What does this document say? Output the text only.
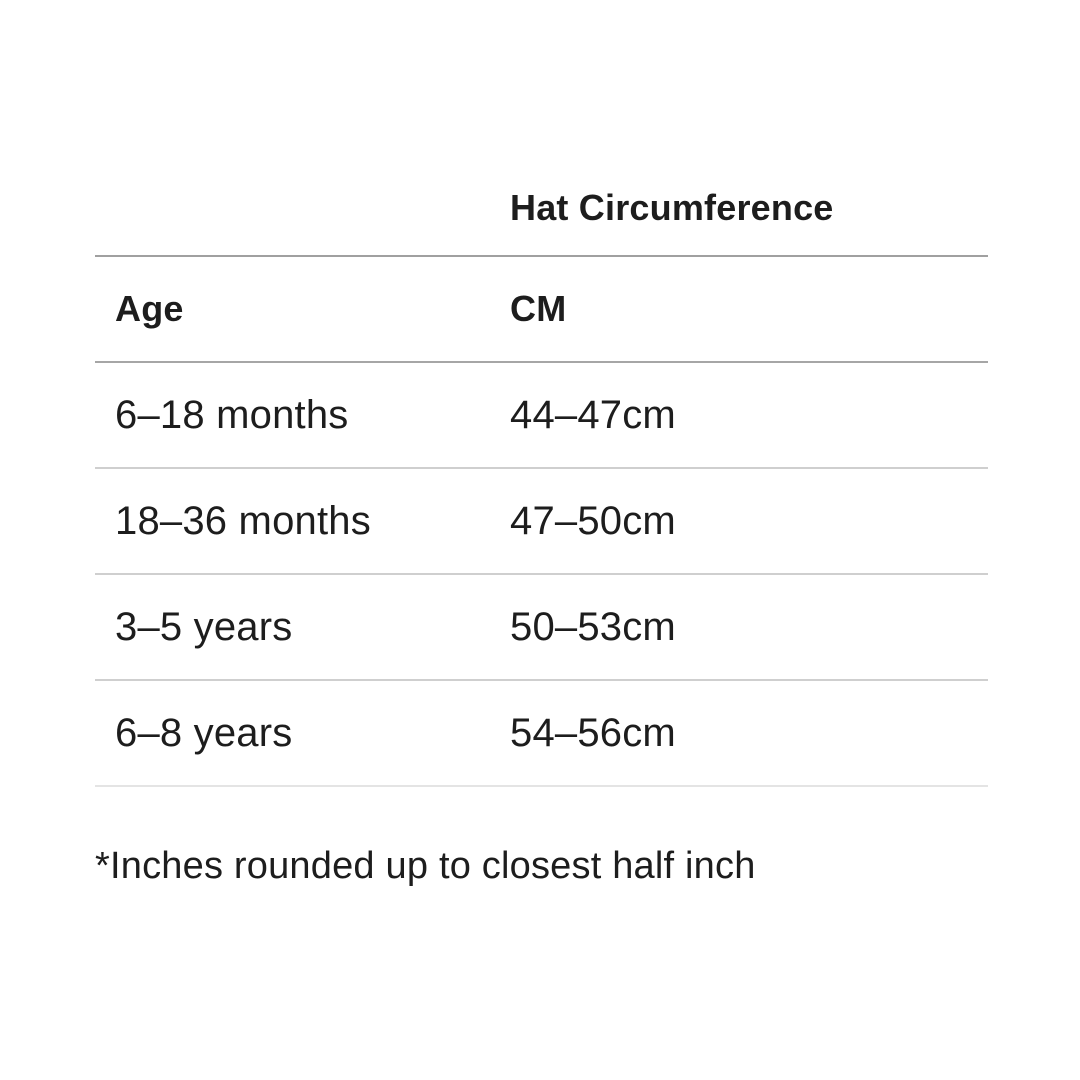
Hat Circumference
Age	CM
6–18 months	44–47cm
18–36 months	47–50cm
3–5 years	50–53cm
6–8 years	54–56cm
*Inches rounded up to closest half inch
